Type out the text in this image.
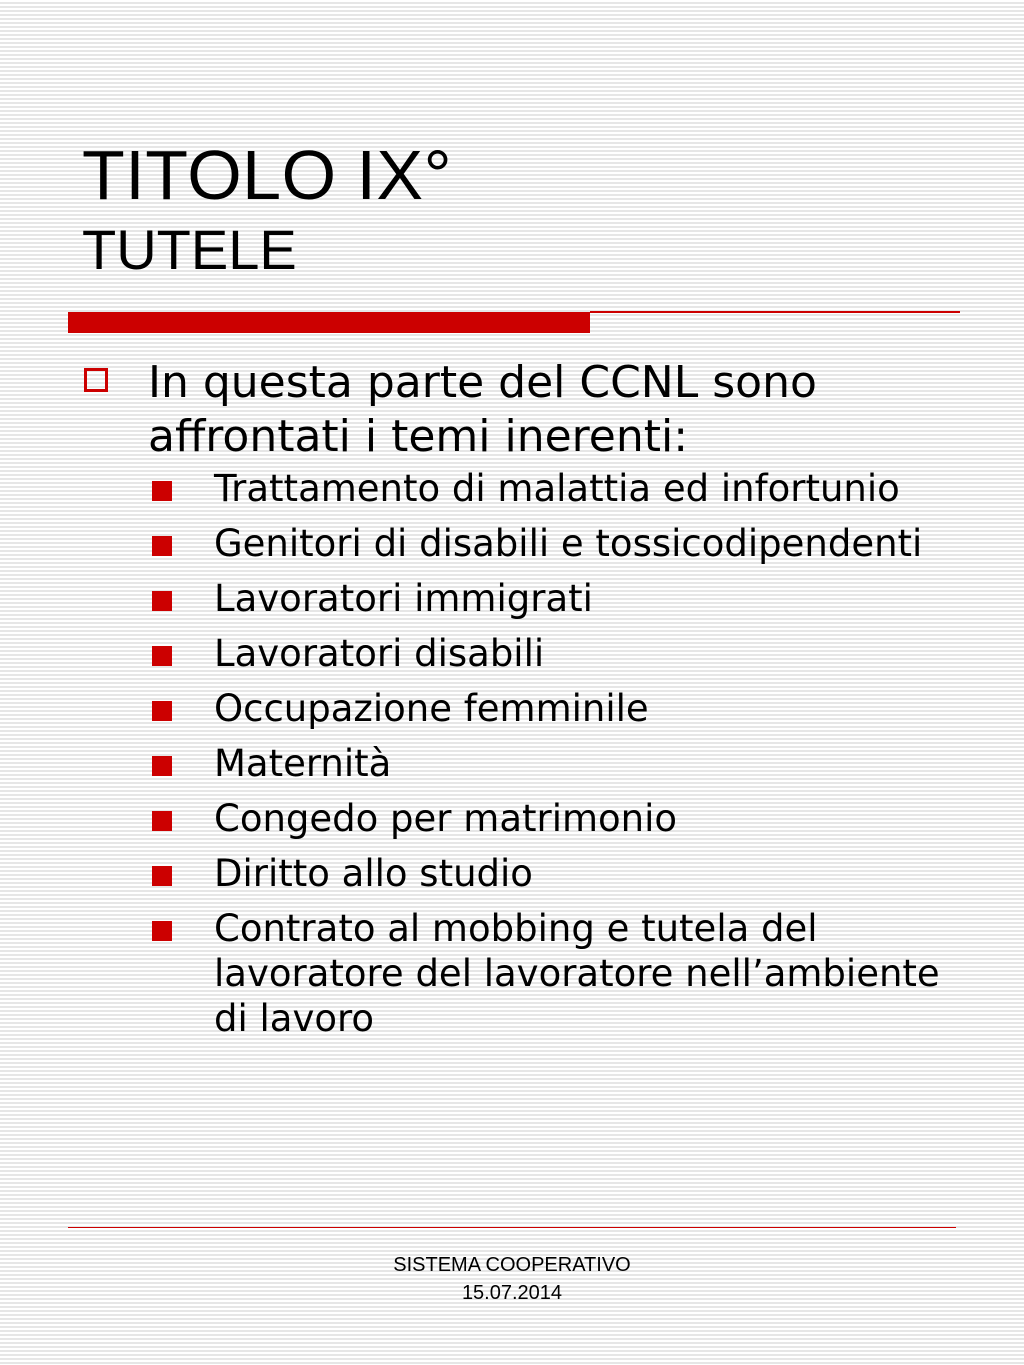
TITOLO IX°
TUTELE

In questa parte del CCNL sono affrontati i temi inerenti:

Trattamento di malattia ed infortunio
Genitori di disabili e tossicodipendenti
Lavoratori immigrati
Lavoratori disabili
Occupazione femminile
Maternità
Congedo per matrimonio
Diritto allo studio
Contrato al mobbing e tutela del lavoratore del lavoratore nell’ambiente di lavoro
SISTEMA COOPERATIVO
15.07.2014
